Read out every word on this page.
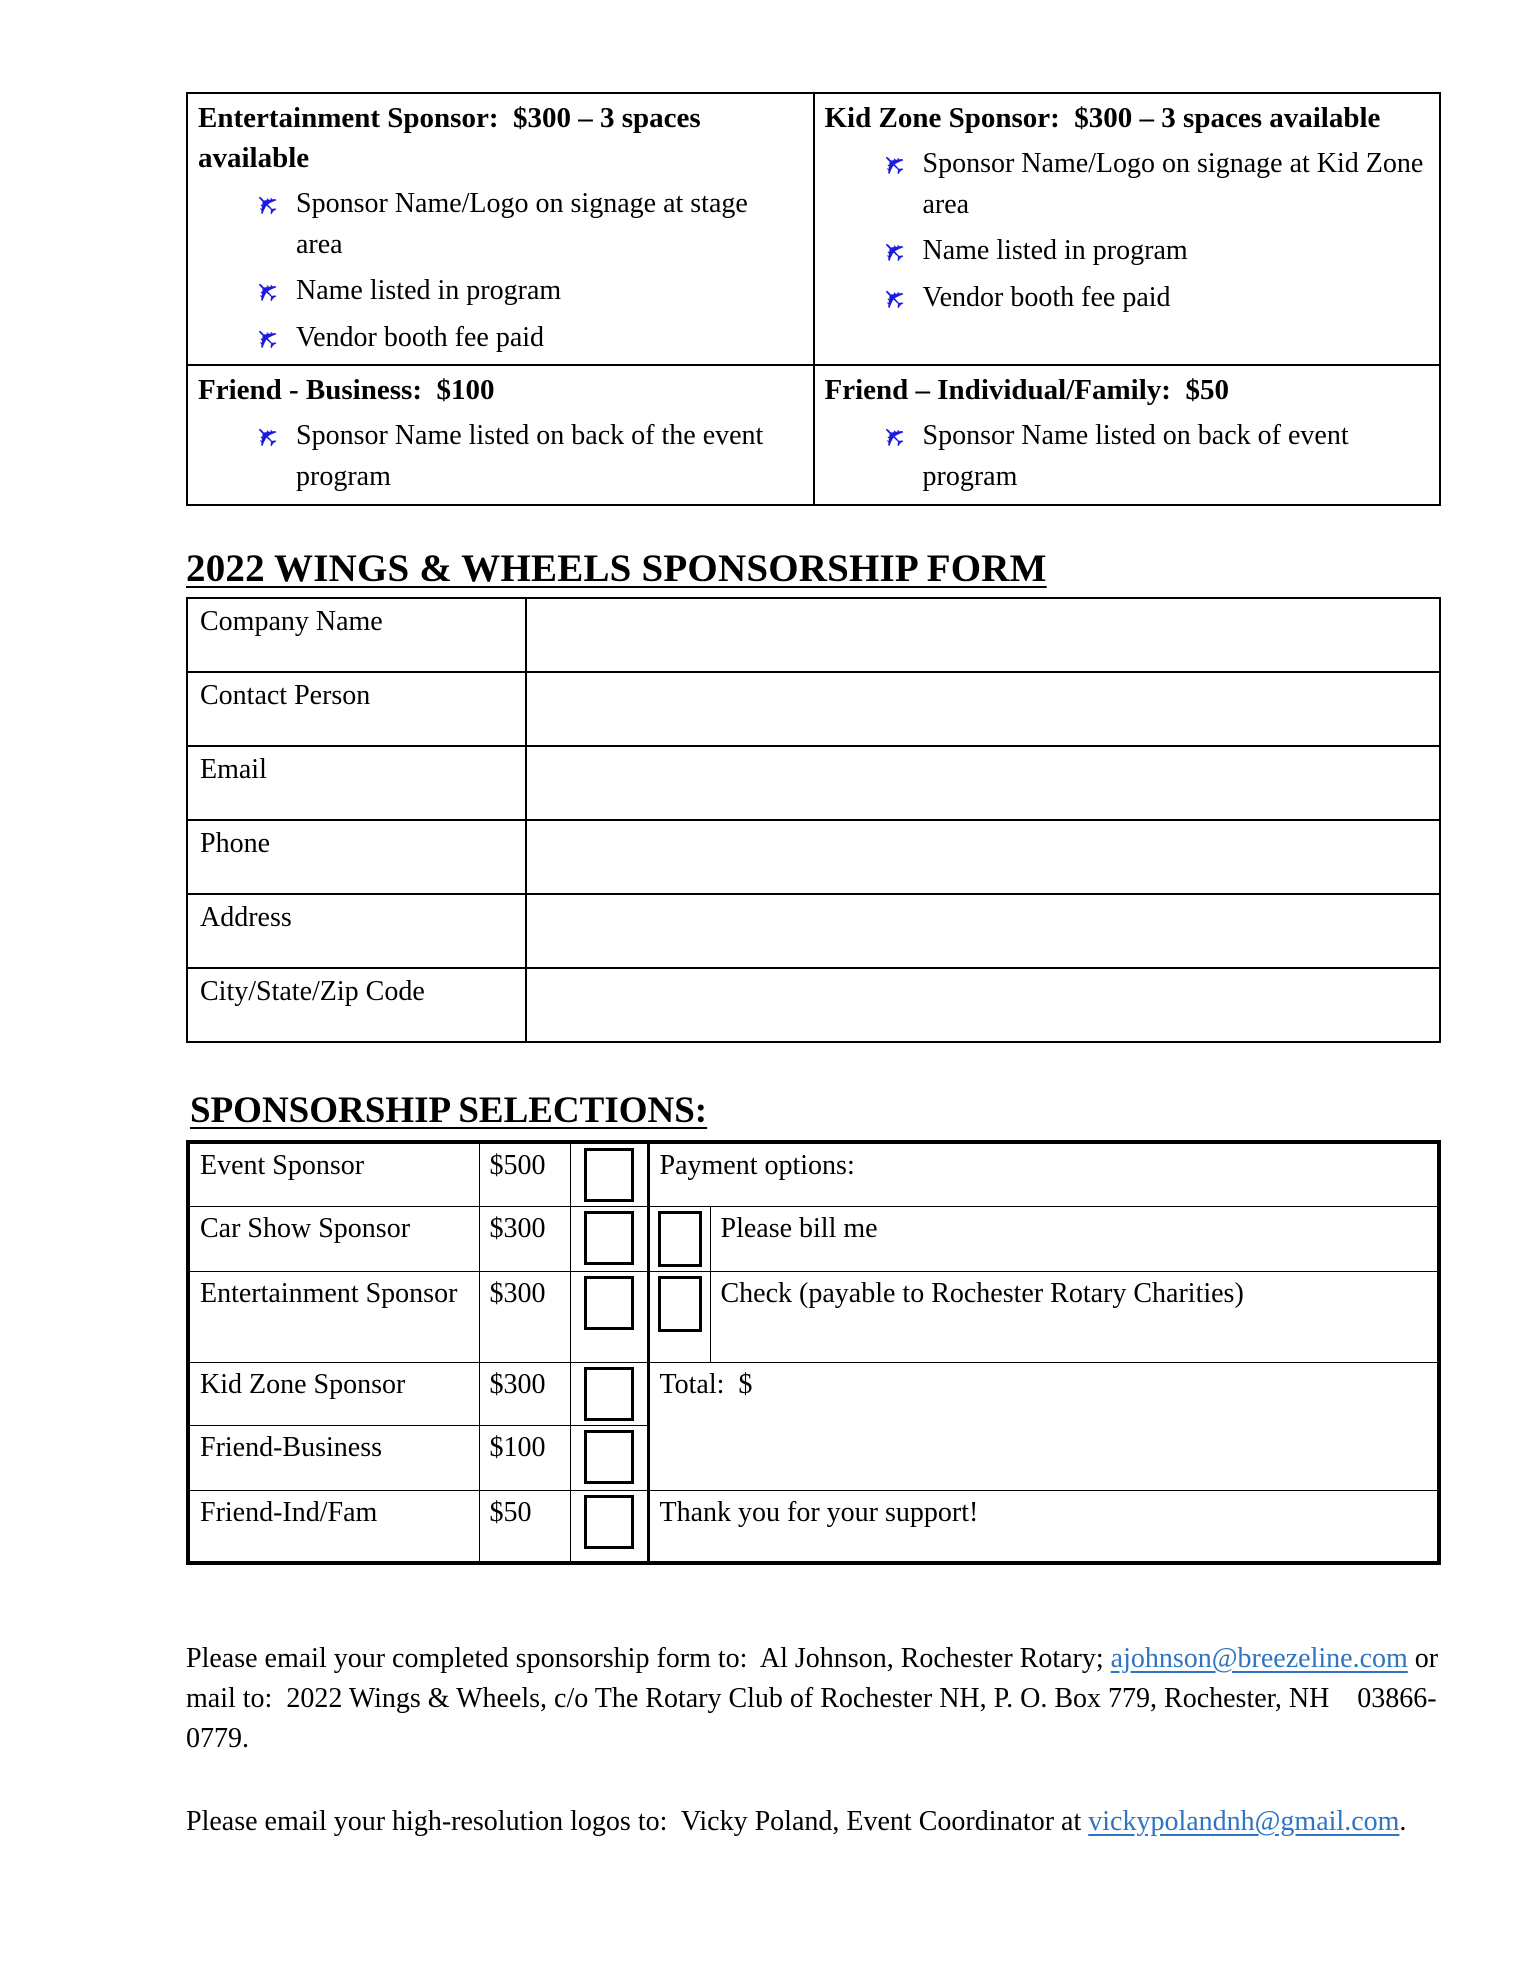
Entertainment Sponsor:  $300 – 3 spaces available
✈ Sponsor Name/Logo on signage at stage area
✈ Name listed in program
✈ Vendor booth fee paid

Kid Zone Sponsor:  $300 – 3 spaces available
✈ Sponsor Name/Logo on signage at Kid Zone area
✈ Name listed in program
✈ Vendor booth fee paid

Friend - Business:  $100
✈ Sponsor Name listed on back of the event program

Friend – Individual/Family:  $50
✈ Sponsor Name listed on back of event program
2022 WINGS & WHEELS SPONSORSHIP FORM
Company Name	
Contact Person	
Email	
Phone	
Address	
City/State/Zip Code	
SPONSORSHIP SELECTIONS:
Event Sponsor	$500		Payment options:	
Car Show Sponsor	$300			Please bill me
Entertainment Sponsor	$300			Check (payable to Rochester Rotary Charities)
Kid Zone Sponsor	$300		Total:  $	
Friend-Business	$100			

Friend-Ind/Fam	$50		Thank you for your support!	

Please email your completed sponsorship form to:  Al Johnson, Rochester Rotary; ajohnson@breezeline.com or mail to:  2022 Wings & Wheels, c/o The Rotary Club of Rochester NH, P. O. Box 779, Rochester, NH    03866-0779.

Please email your high-resolution logos to:  Vicky Poland, Event Coordinator at vickypolandnh@gmail.com.
